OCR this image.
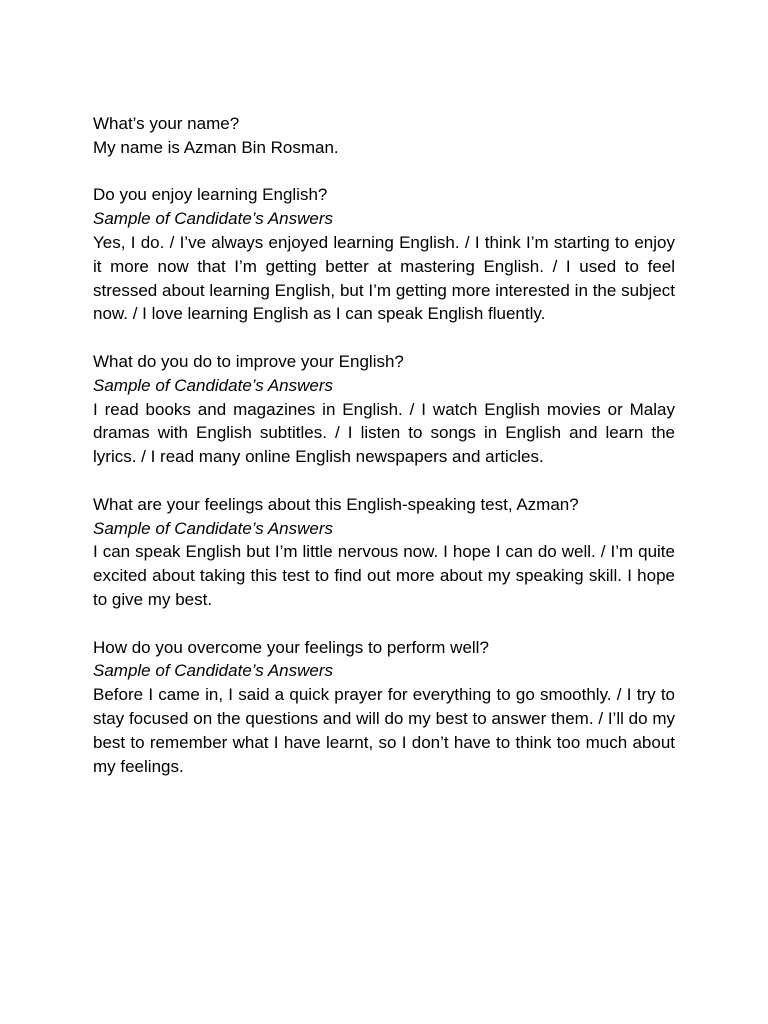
What’s your name?
My name is Azman Bin Rosman.
Do you enjoy learning English?
Sample of Candidate’s Answers
Yes, I do. / I’ve always enjoyed learning English. / I think I’m starting to enjoy it more now that I’m getting better at mastering English. / I used to feel stressed about learning English, but I’m getting more interested in the subject now. / I love learning English as I can speak English fluently.
What do you do to improve your English?
Sample of Candidate’s Answers
I read books and magazines in English. / I watch English movies or Malay dramas with English subtitles. / I listen to songs in English and learn the lyrics. / I read many online English newspapers and articles.
What are your feelings about this English-speaking test, Azman?
Sample of Candidate’s Answers
I can speak English but I’m little nervous now. I hope I can do well. / I’m quite excited about taking this test to find out more about my speaking skill. I hope to give my best.
How do you overcome your feelings to perform well?
Sample of Candidate’s Answers
Before I came in, I said a quick prayer for everything to go smoothly. / I try to stay focused on the questions and will do my best to answer them. / I’ll do my best to remember what I have learnt, so I don’t have to think too much about my feelings.
